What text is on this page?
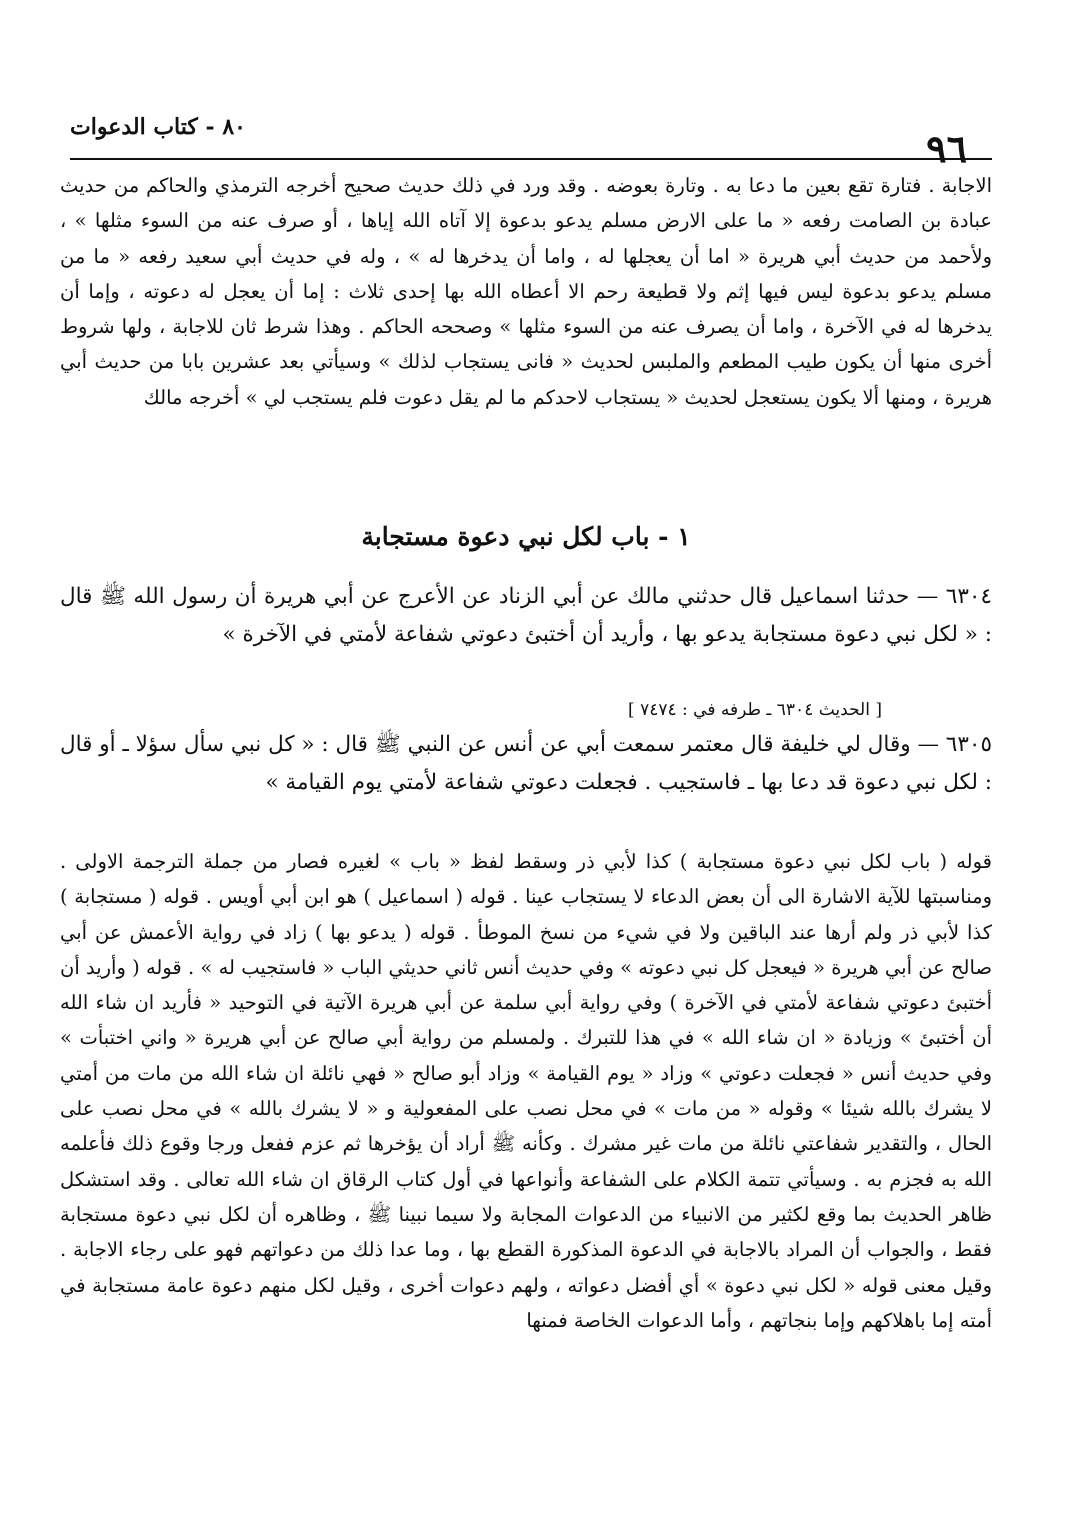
٩٦
٨٠ - كتاب الدعوات

الاجابة . فتارة تقع بعين ما دعا به . وتارة بعوضه . وقد ورد في ذلك حديث صحيح أخرجه الترمذي والحاكم من حديث عبادة بن الصامت رفعه « ما على الارض مسلم يدعو بدعوة إلا آتاه الله إياها ، أو صرف عنه من السوء مثلها » ، ولأحمد من حديث أبي هريرة « اما أن يعجلها له ، واما أن يدخرها له » ، وله في حديث أبي سعيد رفعه « ما من مسلم يدعو بدعوة ليس فيها إثم ولا قطيعة رحم الا أعطاه الله بها إحدى ثلاث : إما أن يعجل له دعوته ، وإما أن يدخرها له في الآخرة ، واما أن يصرف عنه من السوء مثلها » وصححه الحاكم . وهذا شرط ثان للاجابة ، ولها شروط أخرى منها أن يكون طيب المطعم والملبس لحديث « فانى يستجاب لذلك » وسيأتي بعد عشرين بابا من حديث أبي هريرة ، ومنها ألا يكون يستعجل لحديث « يستجاب لاحدكم ما لم يقل دعوت فلم يستجب لي » أخرجه مالك

١ - باب لكل نبي دعوة مستجابة

٦٣٠٤ — حدثنا اسماعيل قال حدثني مالك عن أبي الزناد عن الأعرج عن أبي هريرة أن رسول الله ﷺ قال : « لكل نبي دعوة مستجابة يدعو بها ، وأريد أن أختبئ دعوتي شفاعة لأمتي في الآخرة »

[ الحديث ٦٣٠٤ ـ طرفه في : ٧٤٧٤ ]

٦٣٠٥ — وقال لي خليفة قال معتمر سمعت أبي عن أنس عن النبي ﷺ قال : « كل نبي سأل سؤلا ـ أو قال : لكل نبي دعوة قد دعا بها ـ فاستجيب . فجعلت دعوتي شفاعة لأمتي يوم القيامة »

قوله ( باب لكل نبي دعوة مستجابة ) كذا لأبي ذر وسقط لفظ « باب » لغيره فصار من جملة الترجمة الاولى . ومناسبتها للآية الاشارة الى أن بعض الدعاء لا يستجاب عينا . قوله ( اسماعيل ) هو ابن أبي أويس . قوله ( مستجابة ) كذا لأبي ذر ولم أرها عند الباقين ولا في شيء من نسخ الموطأ . قوله ( يدعو بها ) زاد في رواية الأعمش عن أبي صالح عن أبي هريرة « فيعجل كل نبي دعوته » وفي حديث أنس ثاني حديثي الباب « فاستجيب له » . قوله ( وأريد أن أختبئ دعوتي شفاعة لأمتي في الآخرة ) وفي رواية أبي سلمة عن أبي هريرة الآتية في التوحيد « فأريد ان شاء الله أن أختبئ » وزيادة « ان شاء الله » في هذا للتبرك . ولمسلم من رواية أبي صالح عن أبي هريرة « واني اختبأت » وفي حديث أنس « فجعلت دعوتي » وزاد « يوم القيامة » وزاد أبو صالح « فهي نائلة ان شاء الله من مات من أمتي لا يشرك بالله شيئا » وقوله « من مات » في محل نصب على المفعولية و « لا يشرك بالله » في محل نصب على الحال ، والتقدير شفاعتي نائلة من مات غير مشرك . وكأنه ﷺ أراد أن يؤخرها ثم عزم ففعل ورجا وقوع ذلك فأعلمه الله به فجزم به . وسيأتي تتمة الكلام على الشفاعة وأنواعها في أول كتاب الرقاق ان شاء الله تعالى . وقد استشكل ظاهر الحديث بما وقع لكثير من الانبياء من الدعوات المجابة ولا سيما نبينا ﷺ ، وظاهره أن لكل نبي دعوة مستجابة فقط ، والجواب أن المراد بالاجابة في الدعوة المذكورة القطع بها ، وما عدا ذلك من دعواتهم فهو على رجاء الاجابة . وقيل معنى قوله « لكل نبي دعوة » أي أفضل دعواته ، ولهم دعوات أخرى ، وقيل لكل منهم دعوة عامة مستجابة في أمته إما باهلاكهم وإما بنجاتهم ، وأما الدعوات الخاصة فمنها
